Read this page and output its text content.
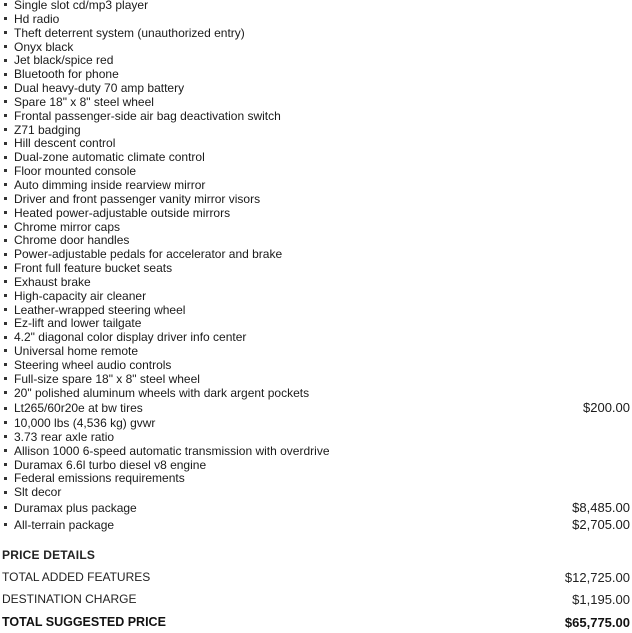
Single slot cd/mp3 player
Hd radio
Theft deterrent system (unauthorized entry)
Onyx black
Jet black/spice red
Bluetooth for phone
Dual heavy-duty 70 amp battery
Spare 18" x 8" steel wheel
Frontal passenger-side air bag deactivation switch
Z71 badging
Hill descent control
Dual-zone automatic climate control
Floor mounted console
Auto dimming inside rearview mirror
Driver and front passenger vanity mirror visors
Heated power-adjustable outside mirrors
Chrome mirror caps
Chrome door handles
Power-adjustable pedals for accelerator and brake
Front full feature bucket seats
Exhaust brake
High-capacity air cleaner
Leather-wrapped steering wheel
Ez-lift and lower tailgate
4.2" diagonal color display driver info center
Universal home remote
Steering wheel audio controls
Full-size spare 18" x 8" steel wheel
20" polished aluminum wheels with dark argent pockets
Lt265/60r20e at bw tires	$200.00
10,000 lbs (4,536 kg) gvwr
3.73 rear axle ratio
Allison 1000 6-speed automatic transmission with overdrive
Duramax 6.6l turbo diesel v8 engine
Federal emissions requirements
Slt decor
Duramax plus package	$8,485.00
All-terrain package	$2,705.00
PRICE DETAILS
TOTAL ADDED FEATURES	$12,725.00
DESTINATION CHARGE	$1,195.00
TOTAL SUGGESTED PRICE	$65,775.00
